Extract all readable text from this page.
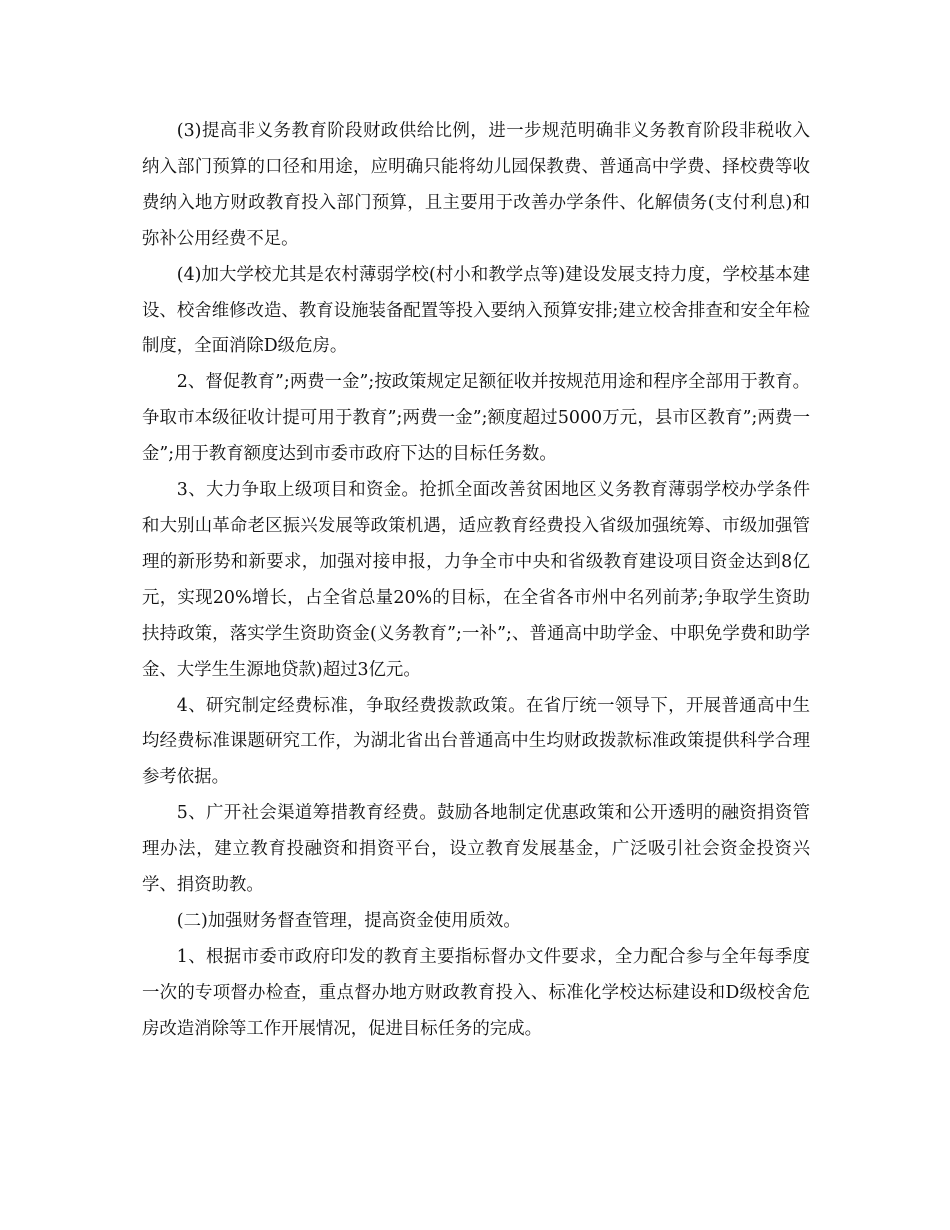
(3)提高非义务教育阶段财政供给比例，进一步规范明确非义务教育阶段非税收入纳入部门预算的口径和用途，应明确只能将幼儿园保教费、普通高中学费、择校费等收费纳入地方财政教育投入部门预算，且主要用于改善办学条件、化解债务(支付利息)和弥补公用经费不足。

(4)加大学校尤其是农村薄弱学校(村小和教学点等)建设发展支持力度，学校基本建设、校舍维修改造、教育设施装备配置等投入要纳入预算安排;建立校舍排查和安全年检制度，全面消除D级危房。

2、督促教育”;两费一金”;按政策规定足额征收并按规范用途和程序全部用于教育。争取市本级征收计提可用于教育”;两费一金”;额度超过5000万元，县市区教育”;两费一金”;用于教育额度达到市委市政府下达的目标任务数。

3、大力争取上级项目和资金。抢抓全面改善贫困地区义务教育薄弱学校办学条件和大别山革命老区振兴发展等政策机遇，适应教育经费投入省级加强统筹、市级加强管理的新形势和新要求，加强对接申报，力争全市中央和省级教育建设项目资金达到8亿元，实现20%增长，占全省总量20%的目标，在全省各市州中名列前茅;争取学生资助扶持政策，落实学生资助资金(义务教育”;一补”;、普通高中助学金、中职免学费和助学金、大学生生源地贷款)超过3亿元。

4、研究制定经费标准，争取经费拨款政策。在省厅统一领导下，开展普通高中生均经费标准课题研究工作，为湖北省出台普通高中生均财政拨款标准政策提供科学合理参考依据。

5、广开社会渠道筹措教育经费。鼓励各地制定优惠政策和公开透明的融资捐资管理办法，建立教育投融资和捐资平台，设立教育发展基金，广泛吸引社会资金投资兴学、捐资助教。

(二)加强财务督查管理，提高资金使用质效。

1、根据市委市政府印发的教育主要指标督办文件要求，全力配合参与全年每季度一次的专项督办检查，重点督办地方财政教育投入、标准化学校达标建设和D级校舍危房改造消除等工作开展情况，促进目标任务的完成。
